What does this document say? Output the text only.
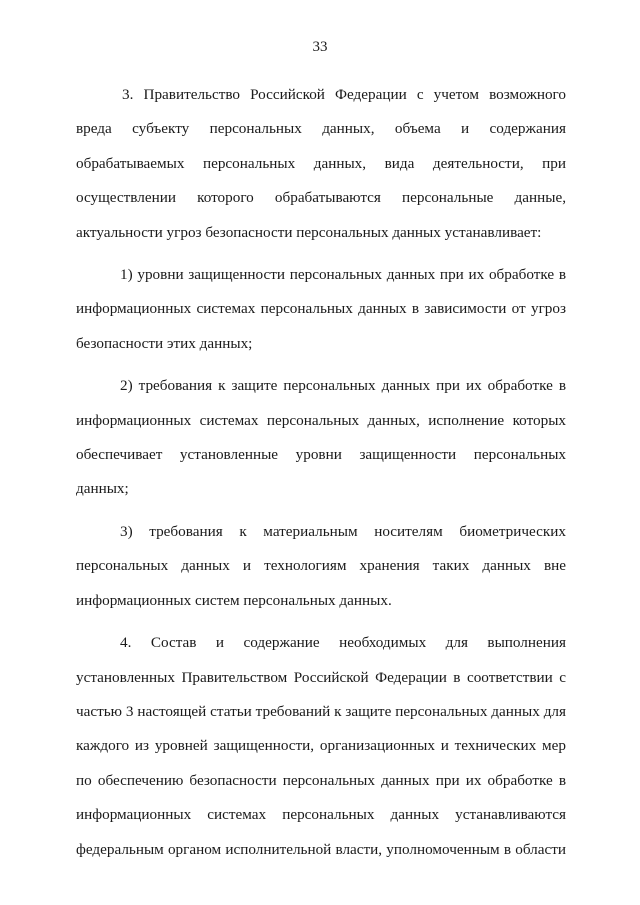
33

3. Правительство Российской Федерации с учетом возможного вреда субъекту персональных данных, объема и содержания обрабатываемых персональных данных, вида деятельности, при осуществлении которого обрабатываются персональные данные, актуальности угроз безопасности персональных данных устанавливает:

1) уровни защищенности персональных данных при их обработке в информационных системах персональных данных в зависимости от угроз безопасности этих данных;

2) требования к защите персональных данных при их обработке в информационных системах персональных данных, исполнение которых обеспечивает установленные уровни защищенности персональных данных;

3) требования к материальным носителям биометрических персональных данных и технологиям хранения таких данных вне информационных систем персональных данных.

4. Состав и содержание необходимых для выполнения установленных Правительством Российской Федерации в соответствии с частью 3 настоящей статьи требований к защите персональных данных для каждого из уровней защищенности, организационных и технических мер по обеспечению безопасности персональных данных при их обработке в информационных системах персональных данных устанавливаются федеральным органом исполнительной власти, уполномоченным в области
